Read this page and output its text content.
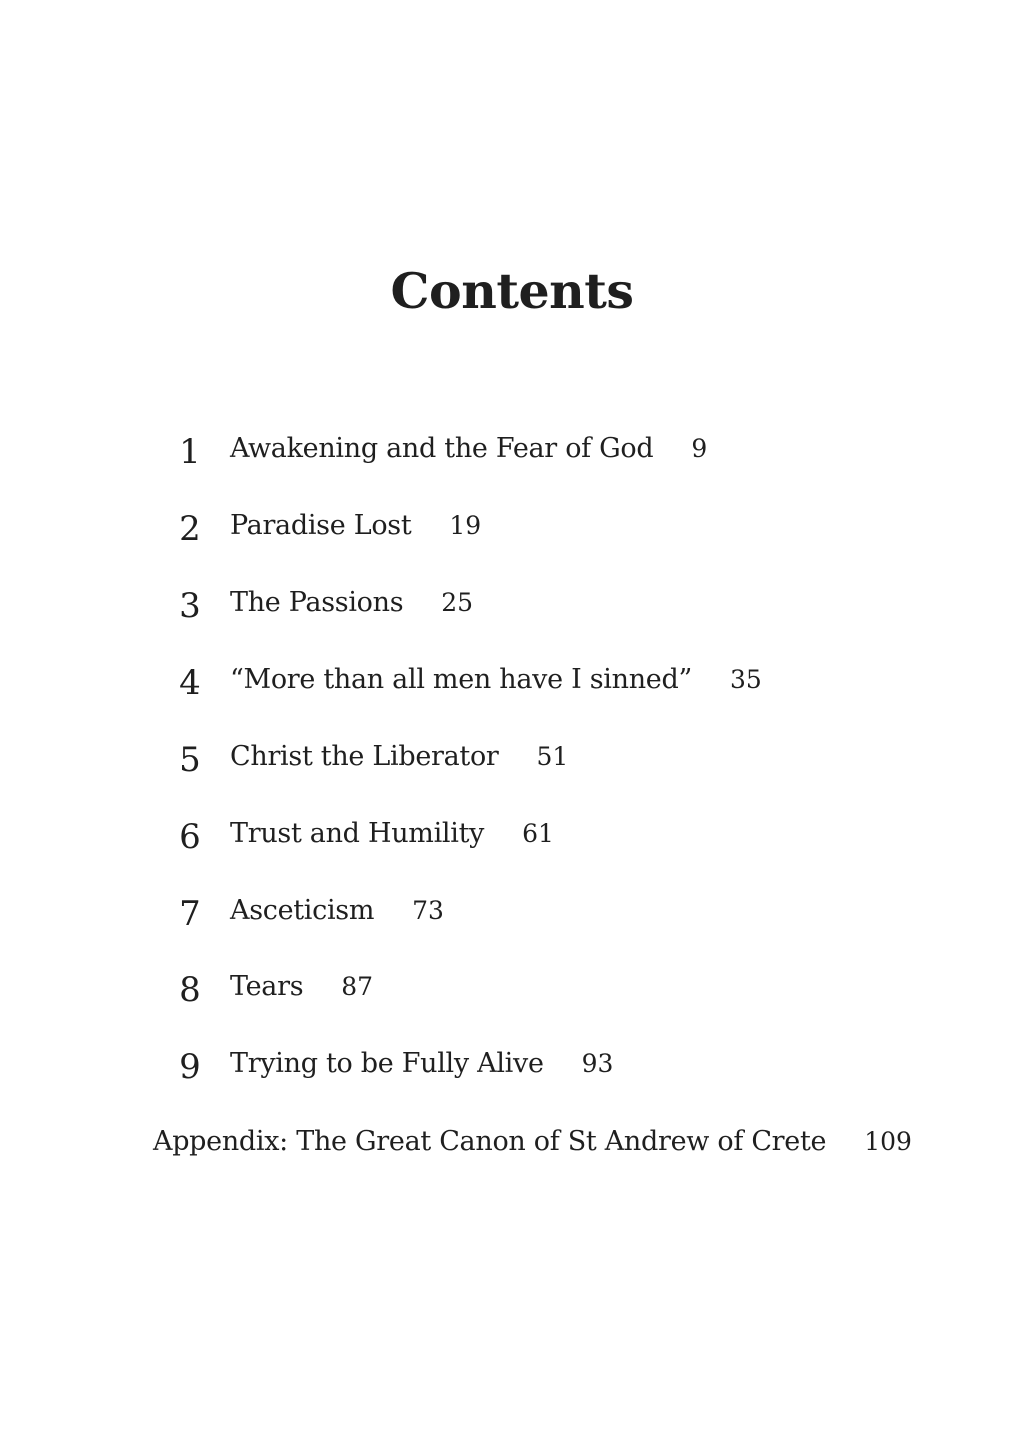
Contents
1	Awakening and the Fear of God 9
2	Paradise Lost 19
3	The Passions 25
4	“More than all men have I sinned” 35
5	Christ the Liberator 51
6	Trust and Humility 61
7	Asceticism 73
8	Tears 87
9	Trying to be Fully Alive 93
Appendix: The Great Canon of St Andrew of Crete 109
